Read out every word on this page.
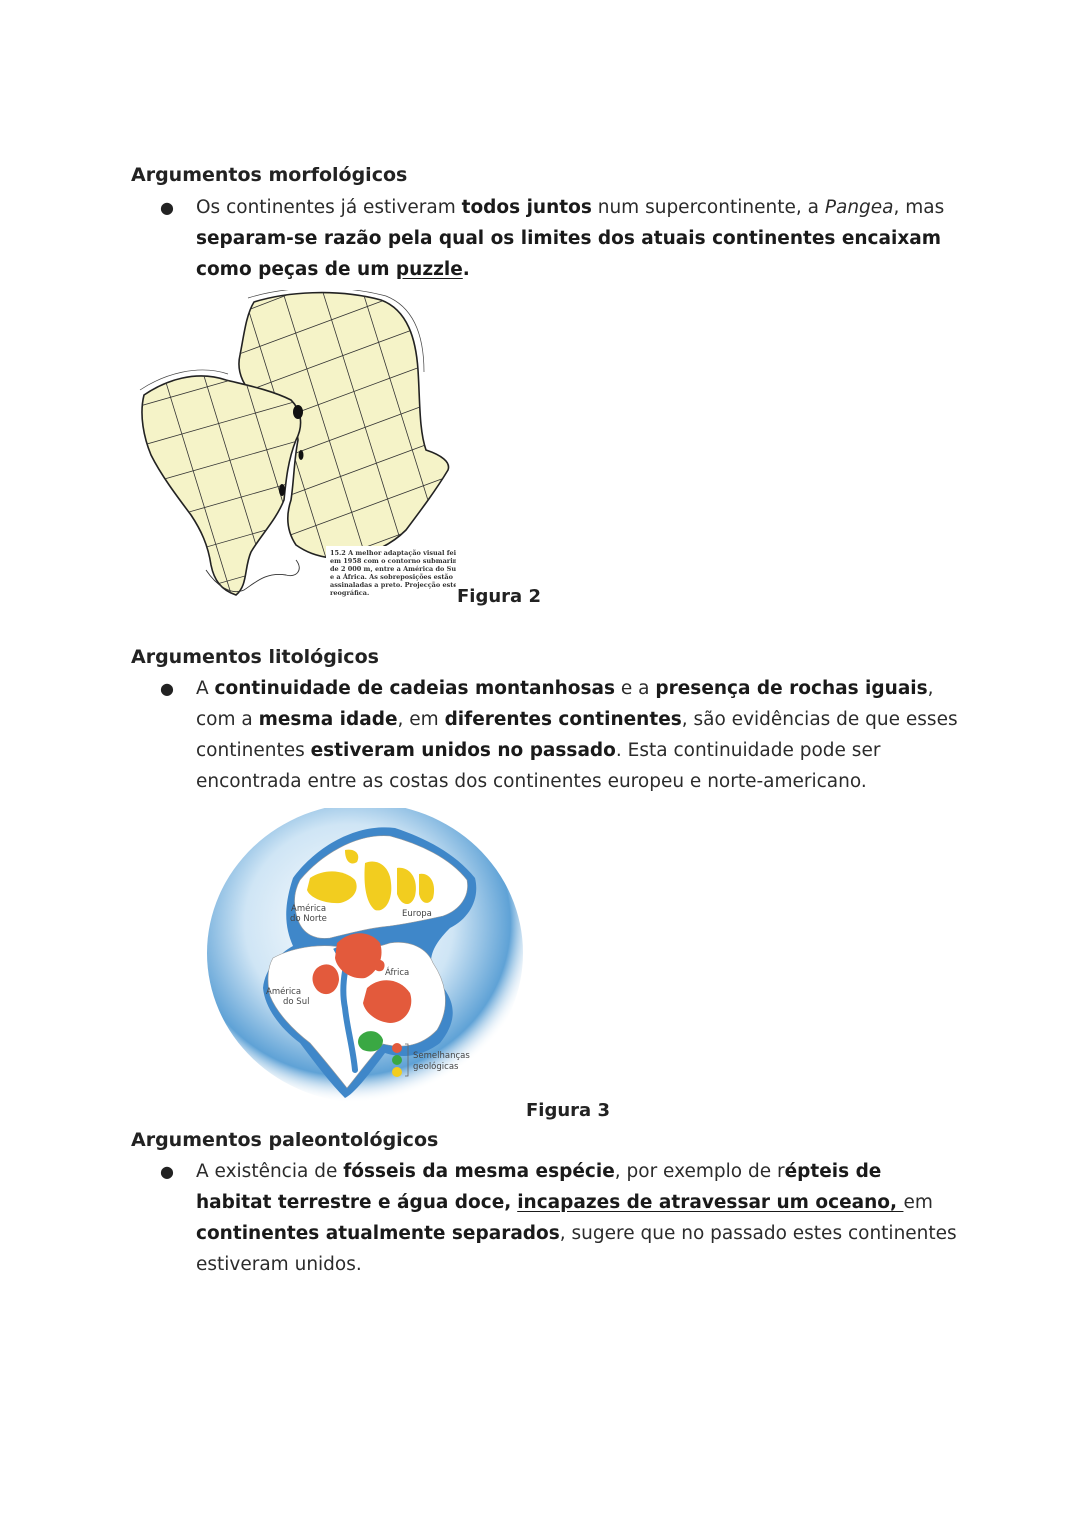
Argumentos morfológicos
● Os continentes já estiveram todos juntos num supercontinente, a Pangea, mas separam-se razão pela qual os limites dos atuais continentes encaixam como peças de um puzzle.
15.2 A melhor adaptação visual feita
em 1958 com o contorno submarino
de 2 000 m, entre a América do Sul
e a África. As sobreposições estão
assinaladas a preto. Projecção este-
reográfica.	Figura 2
Argumentos litológicos
● A continuidade de cadeias montanhosas e a presença de rochas iguais, com a mesma idade, em diferentes continentes, são evidências de que esses continentes estiveram unidos no passado. Esta continuidade pode ser encontrada entre as costas dos continentes europeu e norte-americano.
América
do Norte	Europa
África
América
do Sul
Semelhanças
geológicas
Figura 3
Argumentos paleontológicos
● A existência de fósseis da mesma espécie, por exemplo de répteis de habitat terrestre e água doce, incapazes de atravessar um oceano, em continentes atualmente separados, sugere que no passado estes continentes estiveram unidos.
